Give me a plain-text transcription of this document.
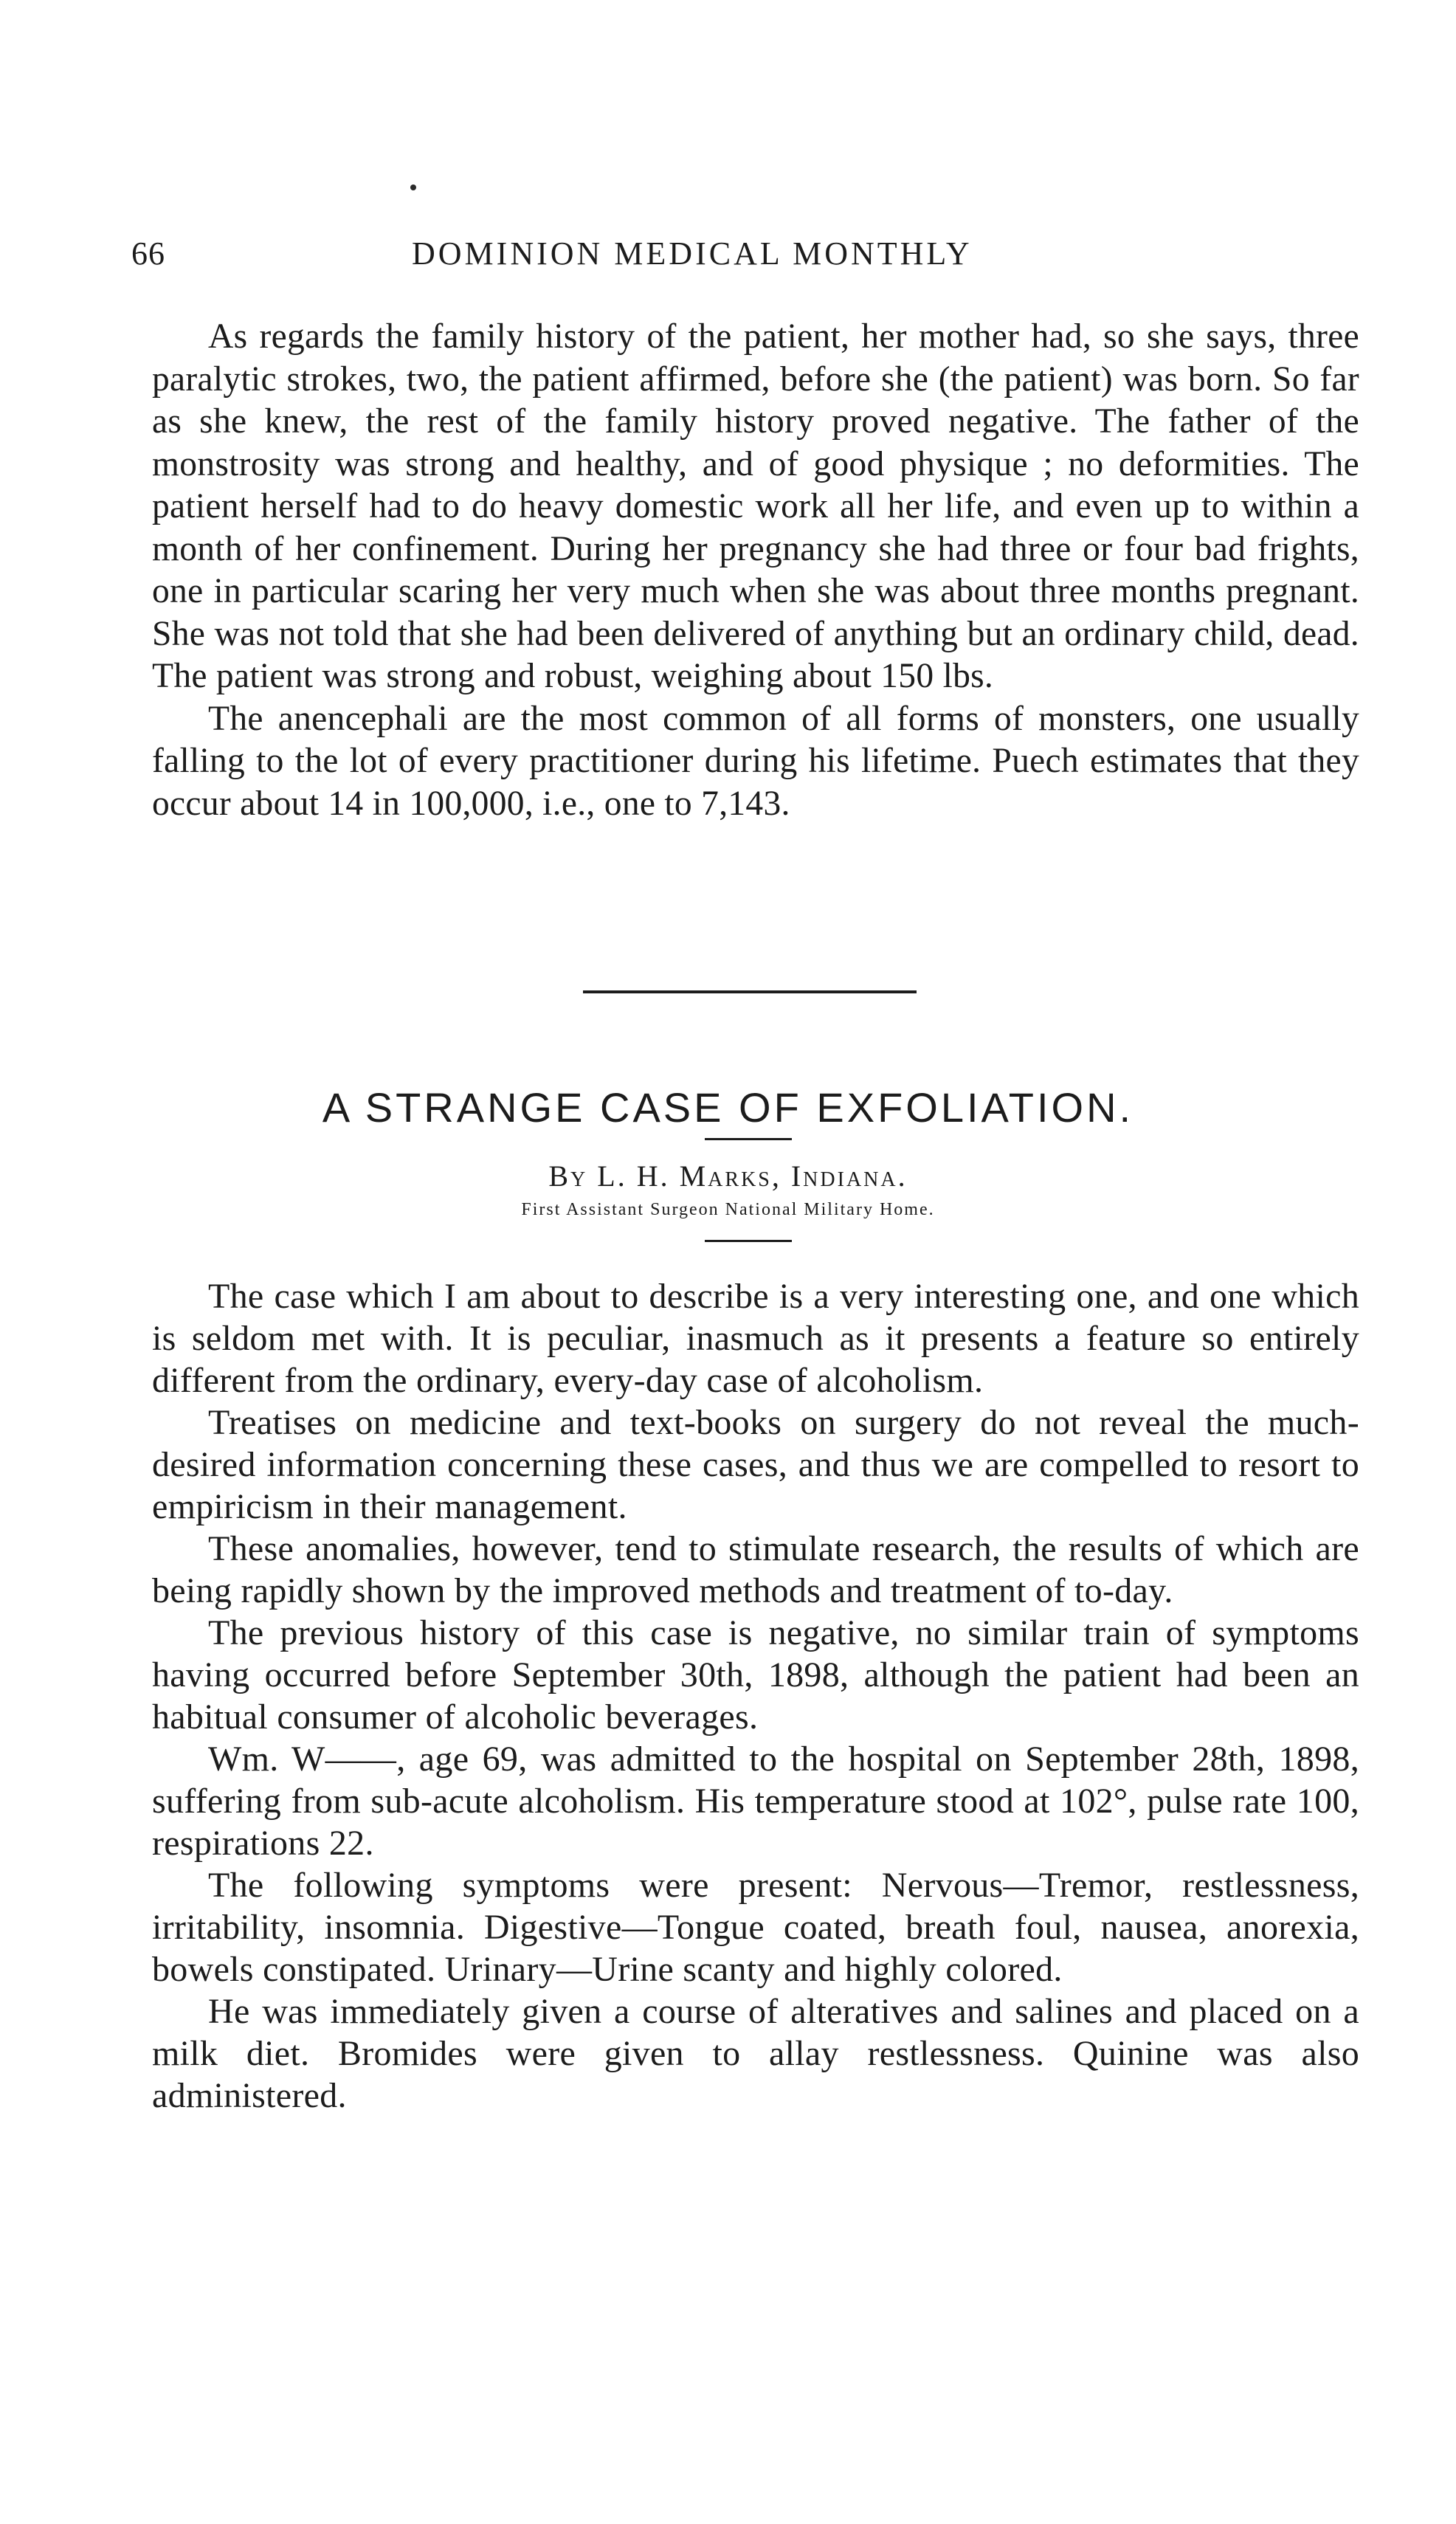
66	DOMINION MEDICAL MONTHLY

As regards the family history of the patient, her mother had, so she says, three paralytic strokes, two, the patient affirmed, before she (the patient) was born. So far as she knew, the rest of the family history proved negative. The father of the monstrosity was strong and healthy, and of good physique ; no deformities. The patient herself had to do heavy domestic work all her life, and even up to within a month of her confinement. During her pregnancy she had three or four bad frights, one in particular scaring her very much when she was about three months pregnant. She was not told that she had been delivered of anything but an ordinary child, dead. The patient was strong and robust, weighing about 150 lbs.

The anencephali are the most common of all forms of monsters, one usually falling to the lot of every practitioner during his lifetime. Puech estimates that they occur about 14 in 100,000, i.e., one to 7,143.

A STRANGE CASE OF EXFOLIATION.
By L. H. Marks, Indiana.
First Assistant Surgeon National Military Home.

The case which I am about to describe is a very interesting one, and one which is seldom met with. It is peculiar, inasmuch as it presents a feature so entirely different from the ordinary, every-day case of alcoholism.

Treatises on medicine and text-books on surgery do not reveal the much-desired information concerning these cases, and thus we are compelled to resort to empiricism in their management.

These anomalies, however, tend to stimulate research, the results of which are being rapidly shown by the improved methods and treatment of to-day.

The previous history of this case is negative, no similar train of symptoms having occurred before September 30th, 1898, although the patient had been an habitual consumer of alcoholic beverages.

Wm. W——, age 69, was admitted to the hospital on September 28th, 1898, suffering from sub-acute alcoholism. His temperature stood at 102°, pulse rate 100, respirations 22.

The following symptoms were present: Nervous—Tremor, restlessness, irritability, insomnia. Digestive—Tongue coated, breath foul, nausea, anorexia, bowels constipated. Urinary—Urine scanty and highly colored.

He was immediately given a course of alteratives and salines and placed on a milk diet. Bromides were given to allay restlessness. Quinine was also administered.
